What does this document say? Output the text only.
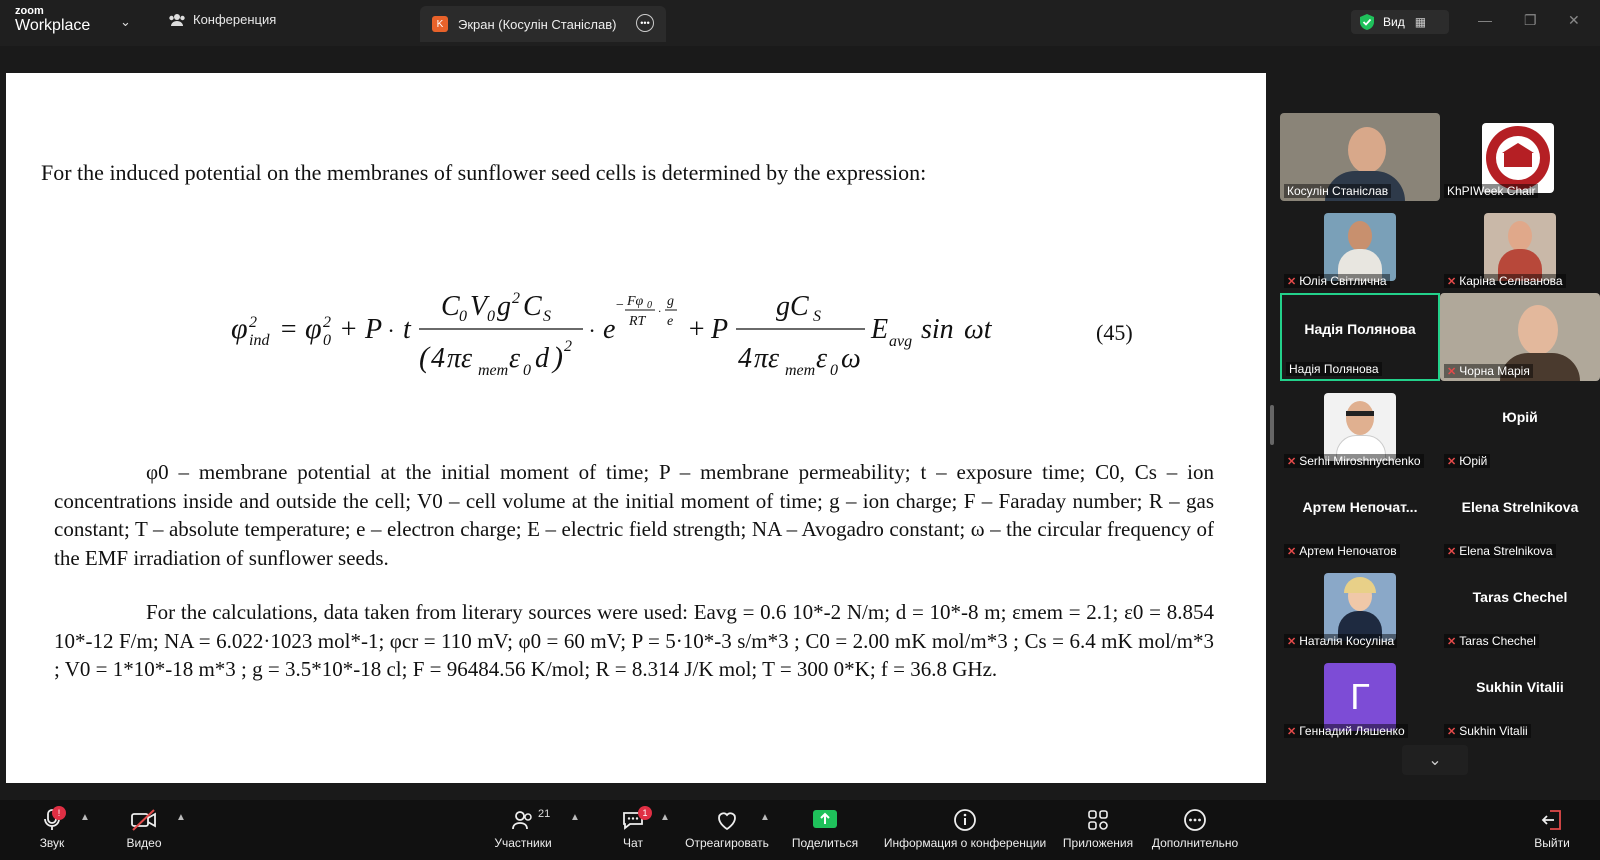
zoom
Workplace ⌄	Конференция	K	Экран (Косулін Станіслав)	•••	Вид ▦	— ❐ ✕
For the induced potential on the membranes of sunflower seed cells is determined by the expression:
φ 2
ind = φ 2
0 + P · t
C 0 V 0 g 2 C S
( 4 πε mem ε 0 d ) 2
· e
− Fφ 0
RT
·
g
e + P
gC S
4 πε mem ε 0 ω
E avg sin ωt	(45)
φ0 – membrane potential at the initial moment of time; P – membrane permeability; t – exposure time; C0, Cs – ion concentrations inside and outside the cell; V0 – cell volume at the initial moment of time; g – ion charge; F – Faraday number; R – gas constant; T – absolute temperature; e – electron charge; E – electric field strength; NA – Avogadro constant; ω – the circular frequency of the EMF irradiation of sunflower seeds.
For the calculations, data taken from literary sources were used: Eavg = 0.6 10*-2 N/m; d = 10*-8 m; εmem = 2.1; ε0 = 8.854 10*-12 F/m; NA = 6.022·1023 mol*-1; φcr = 110 mV; φ0 = 60 mV; P = 5·10*-3 s/m*3 ; C0 = 2.00 mK mol/m*3 ; Cs = 6.4 mK mol/m*3 ; V0 = 1*10*-18 m*3 ; g = 3.5*10*-18 cl; F = 96484.56 K/mol; R = 8.314 J/K mol; T = 300 0*K; f = 36.8 GHz.
Косулін Станіслав	KhPIWeek Chair
✕ Юлія Світлична	✕ Каріна Селіванова
Надія Полянова
Надія Полянова	✕ Чорна Марія
✕ Serhii Miroshnychenko
Юрій
✕ Юрій
Артем Непочат...
✕ Артем Непочатов
Elena Strelnikova
✕ Elena Strelnikova
✕ Наталія Косуліна
Taras Chechel
✕ Taras Chechel
Г
✕ Геннадий Ляшенко
Sukhin Vitalii
✕ Sukhin Vitalii
⌄
Звук
!	▲
Видео
▲
Участники
21 ▲
Чат
1	▲
Отреагировать
▲
Поделиться Информация о конференции Приложения Дополнительно	Выйти
